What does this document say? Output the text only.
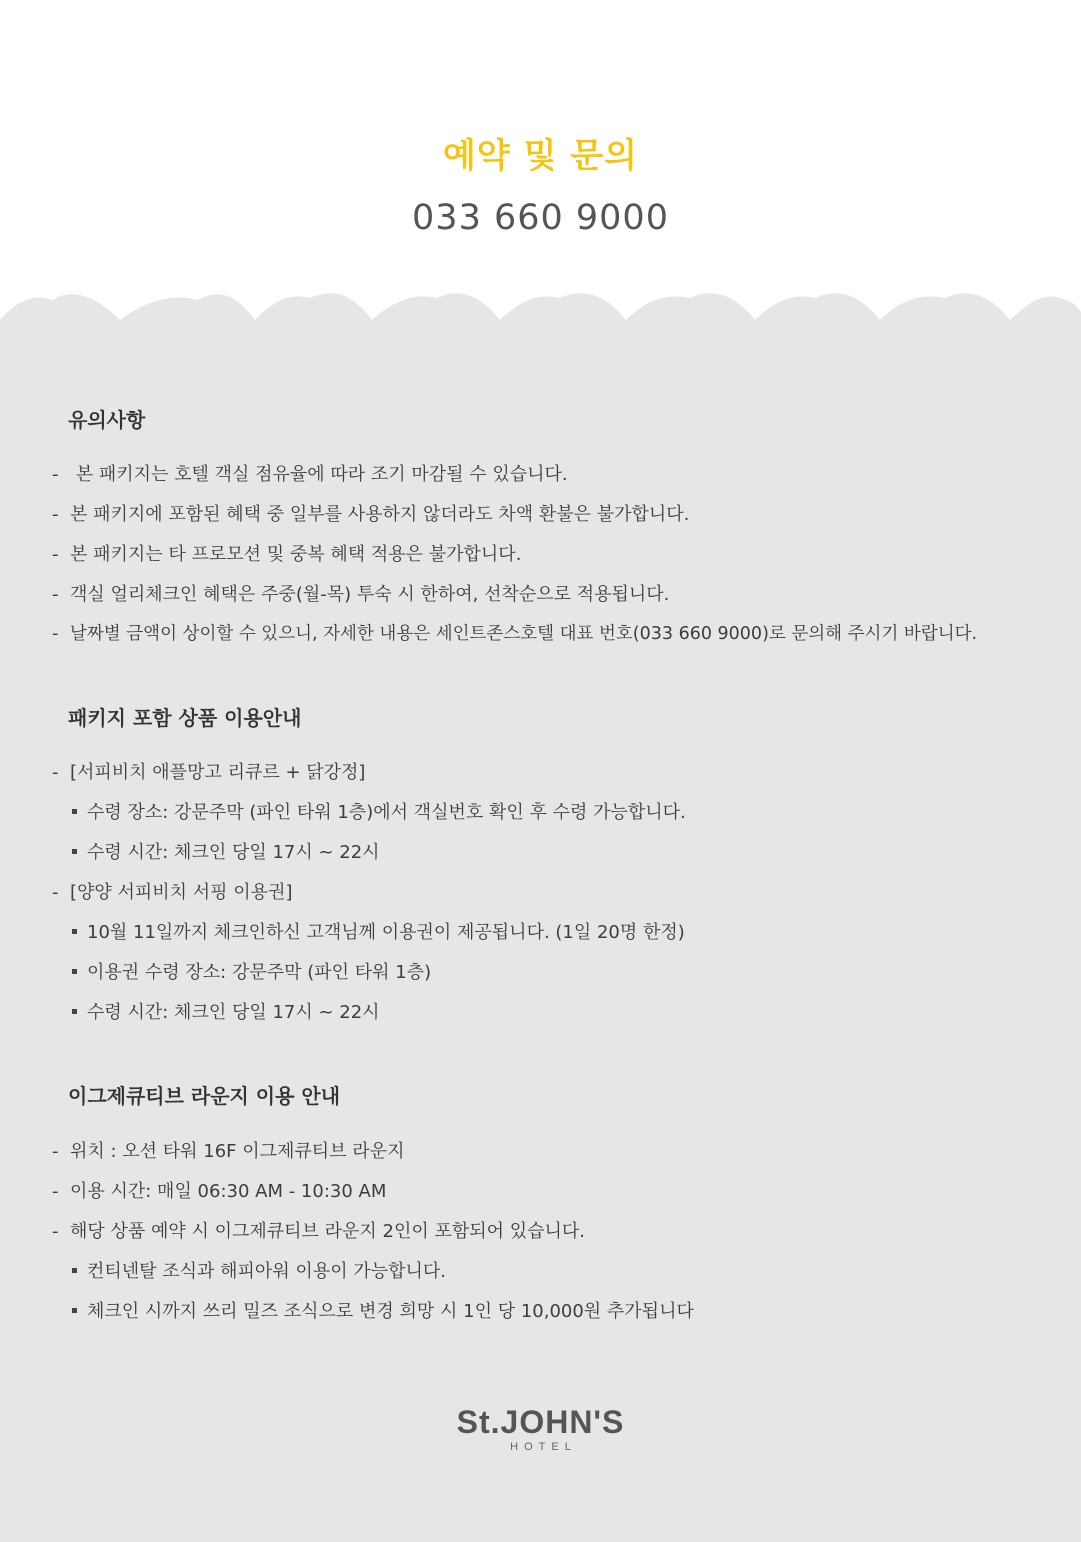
예약 및 문의
033 660 9000
유의사항
- 본 패키지는 호텔 객실 점유율에 따라 조기 마감될 수 있습니다.
- 본 패키지에 포함된 혜택 중 일부를 사용하지 않더라도 차액 환불은 불가합니다.
- 본 패키지는 타 프로모션 및 중복 혜택 적용은 불가합니다.
- 객실 얼리체크인 혜택은 주중(월-목) 투숙 시 한하여, 선착순으로 적용됩니다.
- 날짜별 금액이 상이할 수 있으니, 자세한 내용은 세인트존스호텔 대표 번호(033 660 9000)로 문의해 주시기 바랍니다.
패키지 포함 상품 이용안내
- [서피비치 애플망고 리큐르 + 닭강정]
수령 장소: 강문주막 (파인 타워 1층)에서 객실번호 확인 후 수령 가능합니다.
수령 시간: 체크인 당일 17시 ~ 22시
- [양양 서피비치 서핑 이용권]
10월 11일까지 체크인하신 고객님께 이용권이 제공됩니다. (1일 20명 한정)
이용권 수령 장소: 강문주막 (파인 타워 1층)
수령 시간: 체크인 당일 17시 ~ 22시
이그제큐티브 라운지 이용 안내
- 위치 : 오션 타워 16F 이그제큐티브 라운지
- 이용 시간: 매일 06:30 AM - 10:30 AM
- 해당 상품 예약 시 이그제큐티브 라운지 2인이 포함되어 있습니다.
컨티넨탈 조식과 해피아워 이용이 가능합니다.
체크인 시까지 쓰리 밀즈 조식으로 변경 희망 시 1인 당 10,000원 추가됩니다
St.JOHN'S
HOTEL
